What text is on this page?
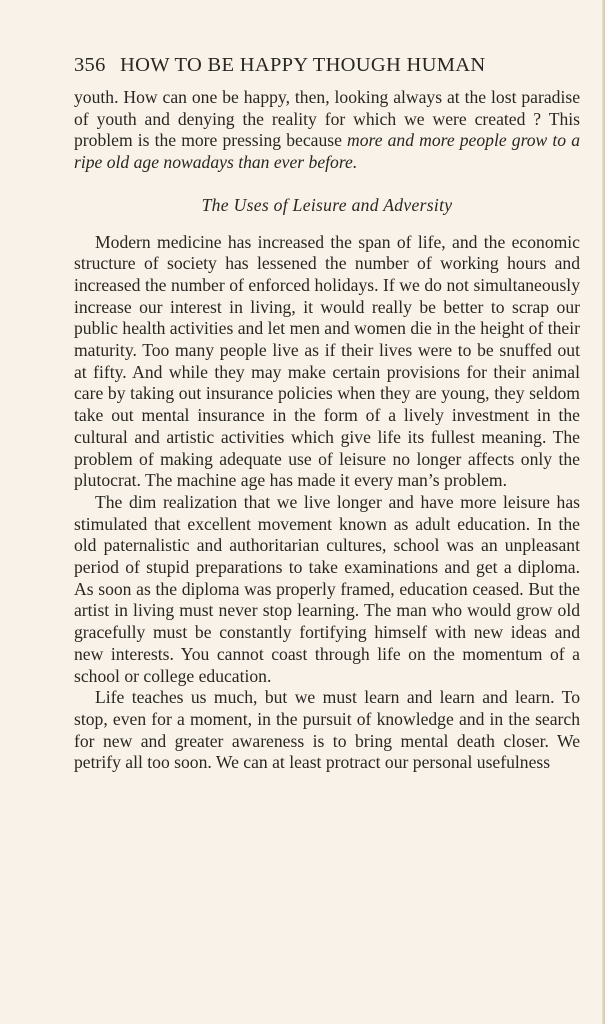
356 HOW TO BE HAPPY THOUGH HUMAN

youth. How can one be happy, then, looking always at the lost paradise of youth and denying the reality for which we were created ? This problem is the more pressing because more and more people grow to a ripe old age nowadays than ever before.

The Uses of Leisure and Adversity

Modern medicine has increased the span of life, and the economic structure of society has lessened the number of working hours and increased the number of enforced holidays. If we do not simultaneously increase our interest in living, it would really be better to scrap our public health activities and let men and women die in the height of their maturity. Too many people live as if their lives were to be snuffed out at fifty. And while they may make certain provisions for their animal care by taking out insurance policies when they are young, they seldom take out mental insurance in the form of a lively investment in the cultural and artistic activities which give life its fullest meaning. The problem of making adequate use of leisure no longer affects only the plutocrat. The machine age has made it every man’s problem.

The dim realization that we live longer and have more leisure has stimulated that excellent movement known as adult education. In the old paternalistic and authoritarian cultures, school was an unpleasant period of stupid preparations to take examinations and get a diploma. As soon as the diploma was properly framed, education ceased. But the artist in living must never stop learning. The man who would grow old gracefully must be constantly fortifying himself with new ideas and new interests. You cannot coast through life on the momentum of a school or college education.

Life teaches us much, but we must learn and learn and learn. To stop, even for a moment, in the pursuit of knowledge and in the search for new and greater awareness is to bring mental death closer. We petrify all too soon. We can at least protract our personal usefulness
